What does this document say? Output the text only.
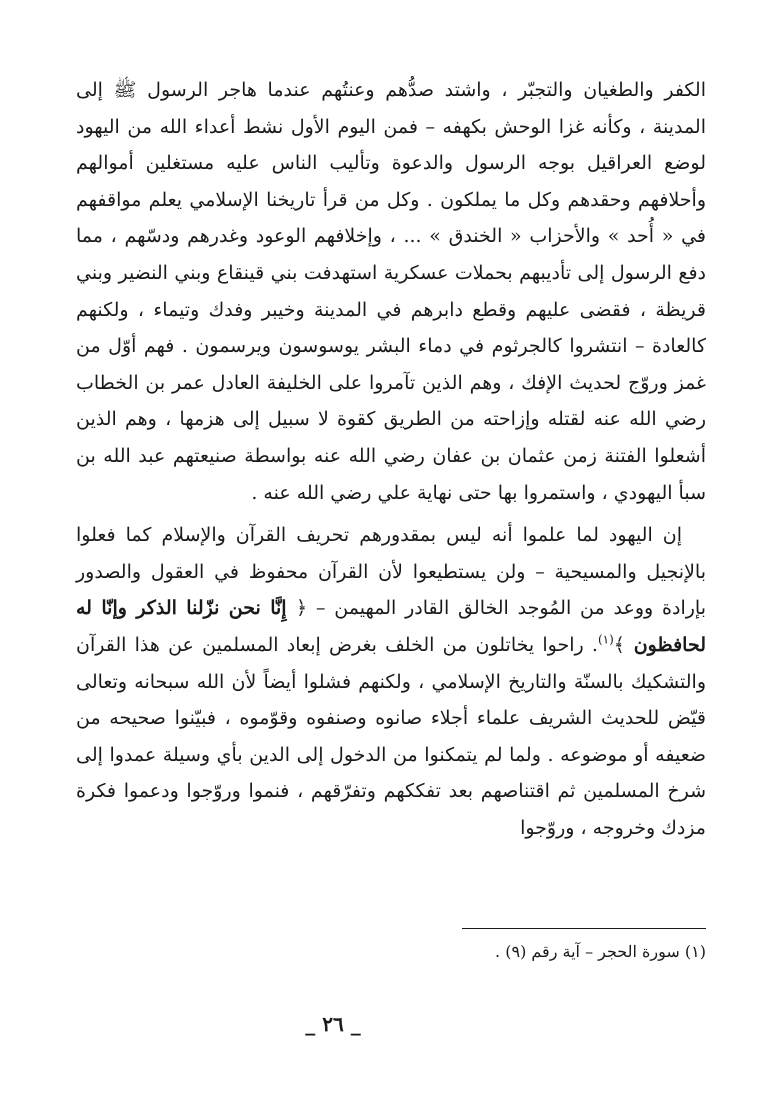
الكفر والطغيان والتجبّر ، واشتد صدُّهم وعنتُهم عندما هاجر الرسول ﷺ إلى المدينة ، وكأنه غزا الوحش بكهفه – فمن اليوم الأول نشط أعداء الله من اليهود لوضع العراقيل بوجه الرسول والدعوة وتأليب الناس عليه مستغلين أموالهم وأحلافهم وحقدهم وكل ما يملكون . وكل من قرأ تاريخنا الإسلامي يعلم مواقفهم في « أُحد » والأحزاب « الخندق » ... ، وإخلافهم الوعود وغدرهم ودسّهم ، مما دفع الرسول إلى تأديبهم بحملات عسكرية استهدفت بني قينقاع وبني النضير وبني قريظة ، فقضى عليهم وقطع دابرهم في المدينة وخيبر وفدك وتيماء ، ولكنهم كالعادة – انتشروا كالجرثوم في دماء البشر يوسوسون ويرسمون . فهم أوّل من غمز وروّج لحديث الإفك ، وهم الذين تآمروا على الخليفة العادل عمر بن الخطاب رضي الله عنه لقتله وإزاحته من الطريق كقوة لا سبيل إلى هزمها ، وهم الذين أشعلوا الفتنة زمن عثمان بن عفان رضي الله عنه بواسطة صنيعتهم عبد الله بن سبأ اليهودي ، واستمروا بها حتى نهاية علي رضي الله عنه .

إن اليهود لما علموا أنه ليس بمقدورهم تحريف القرآن والإسلام كما فعلوا بالإنجيل والمسيحية – ولن يستطيعوا لأن القرآن محفوظ في العقول والصدور بإرادة ووعد من المُوجد الخالق القادر المهيمن – ﴿ إِنَّا نحن نزّلنا الذكر وإنّا له لحافظون ﴾$^{(١)}$. راحوا يخاتلون من الخلف بغرض إبعاد المسلمين عن هذا القرآن والتشكيك بالسنّة والتاريخ الإسلامي ، ولكنهم فشلوا أيضاً لأن الله سبحانه وتعالى قيّض للحديث الشريف علماء أجلاء صانوه وصنفوه وقوّموه ، فبيّنوا صحيحه من ضعيفه أو موضوعه . ولما لم يتمكنوا من الدخول إلى الدين بأي وسيلة عمدوا إلى شرخ المسلمين ثم اقتناصهم بعد تفككهم وتفرّقهم ، فنموا وروّجوا ودعموا فكرة مزدك وخروجه ، وروّجوا

(١) سورة الحجر – آية رقم (٩) .
_ ٢٦ _
